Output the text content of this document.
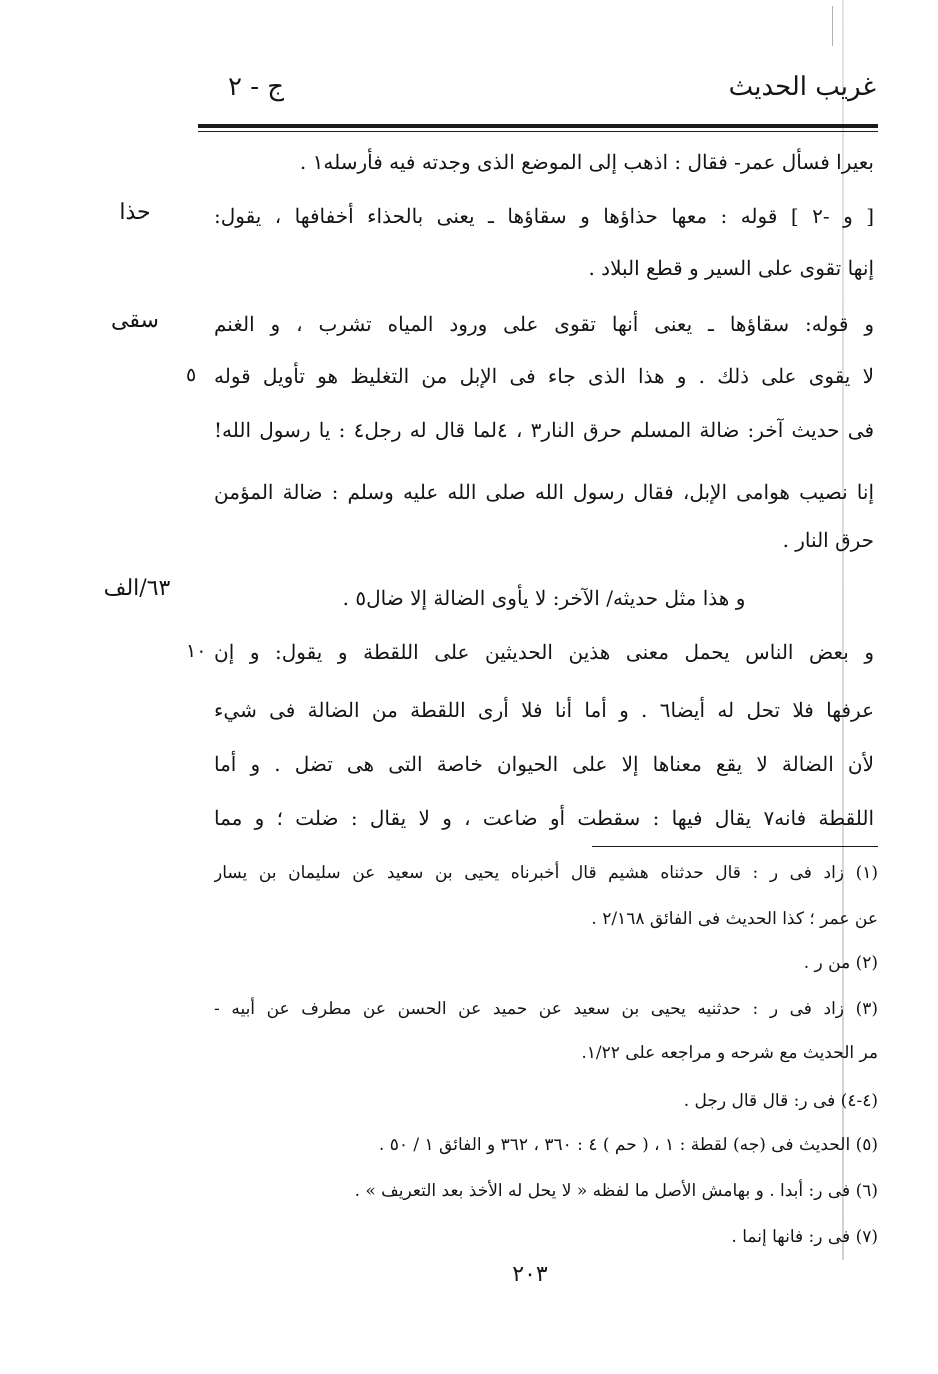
غريب الحديث
ج - ٢
بعيرا فسأل عمر- فقال : اذهب إلى الموضع الذى وجدته فيه فأرسله١ .
[ و -٢ ] قوله : معها حذاؤها و سقاؤها ـ يعنى بالحذاء أخفافها ، يقول:
إنها تقوى على السير و قطع البلاد .
و قوله: سقاؤها ـ يعنى أنها تقوى على ورود المياه تشرب ، و الغنم
لا يقوى على ذلك . و هذا الذى جاء فى الإبل من التغليظ هو تأويل قوله
فى حديث آخر: ضالة المسلم حرق النار٣ ، ٤لما قال له رجل٤ : يا رسول الله!
إنا نصيب هوامى الإبل، فقال رسول الله صلى الله عليه وسلم : ضالة المؤمن
حرق النار .
و هذا مثل حديثه/ الآخر: لا يأوى الضالة إلا ضال٥ .
و بعض الناس يحمل معنى هذين الحديثين على اللقطة و يقول: و إن
عرفها فلا تحل له أيضا٦ . و أما أنا فلا أرى اللقطة من الضالة فى شيء
لأن الضالة لا يقع معناها إلا على الحيوان خاصة التى هى تضل . و أما
اللقطة فانه٧ يقال فيها : سقطت أو ضاعت ، و لا يقال : ضلت ؛ و مما
حذا
سقى
٦٣/الف
٥
١٠
(١) زاد فى ر : قال حدثناه هشيم قال أخبرناه يحيى بن سعيد عن سليمان بن يسار
عن عمر ؛ كذا الحديث فى الفائق ٢/١٦٨ .
(٢) من ر .
(٣) زاد فى ر : حدثنيه يحيى بن سعيد عن حميد عن الحسن عن مطرف عن أبيه -
مر الحديث مع شرحه و مراجعه على ١/٢٢.
(٤-٤) فى ر: قال قال رجل .
(٥) الحديث فى (جه) لقطة : ١ ، ( حم ) ٤ : ٣٦٠ ، ٣٦٢ و الفائق ١ / ٥٠ .
(٦) فى ر: أبدا . و بهامش الأصل ما لفظه « لا يحل له الأخذ بعد التعريف » .
(٧) فى ر: فانها إنما .
٢٠٣
